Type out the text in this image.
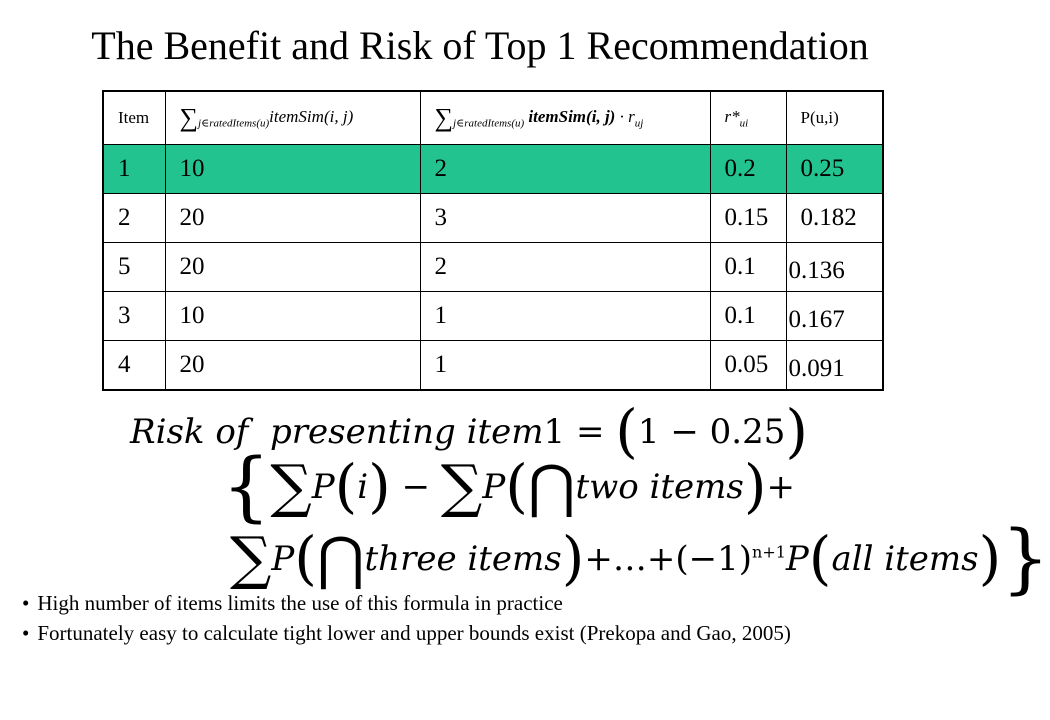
The Benefit and Risk of Top 1 Recommendation
Item	$\sum_{j\in ratedItems(u)}itemSim(i$, j)	$\sum_{j\in ratedItems(u)}$ itemSim(i, $j) \cdot r_{uj}$	$r*_{ui}$	P(u,i)
1	10	2	0.2	0.25
2	20	3	0.15	0.182
5	20	2	0.1	0.136

3	10	1	0.1	0.167

4	20	1	0.05	0.091
Risk of  presenting item1 = (1 − 0.25)
{∑P(i) − ∑P(⋂two items)+
∑P(⋂three $items)+\dots+(-1)^{n+1}P(all$ items)}
• High number of items limits the use of this formula in practice
• Fortunately easy to calculate tight lower and upper bounds exist (Prekopa and Gao, 2005)
